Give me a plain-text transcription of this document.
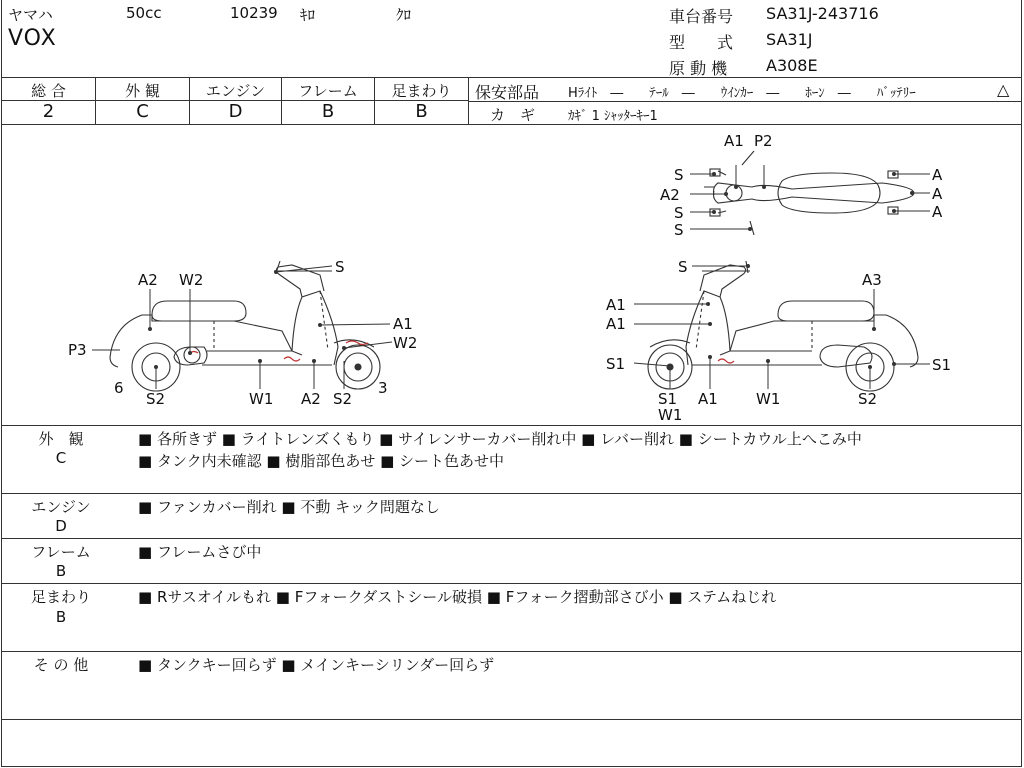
ヤマハ	50cc	10239 ｷﾛ	ｸﾛ
VOX
車台番号 SA31J-243716
型　　式 SA31J
原 動 機 A308E
総 合	外 観	エンジン	フレーム	足まわり
2	C	D	B	B
保安部品 Hﾗｲﾄ　―　　ﾃｰﾙ　―　　ｳｲﾝｶｰ　―　　ﾎｰﾝ　―　　ﾊﾞｯﾃﾘｰ	△
カ　ギ	ｶｷﾞ 1 ｼｬｯﾀｰｷｰ1
S
A2 W2
A1
W2
P3
6
S2	W1 A2 S2
3
A1 P2
S
A2
S
S
A
A
A
S
A3
A1
A1
S1
S1
W1
A1	W1	S2
S1
外　観
C
■ 各所きず ■ ライトレンズくもり ■ サイレンサーカバー削れ中 ■ レバー削れ ■ シートカウル上へこみ中
■ タンク内未確認 ■ 樹脂部色あせ ■ シート色あせ中
エンジン
D
■ ファンカバー削れ ■ 不動 キック問題なし
フレーム
B
■ フレームさび中
足まわり
B
■ Rサスオイルもれ ■ Fフォークダストシール破損 ■ Fフォーク摺動部さび小 ■ ステムねじれ
そ の 他	■ タンクキー回らず ■ メインキーシリンダー回らず
